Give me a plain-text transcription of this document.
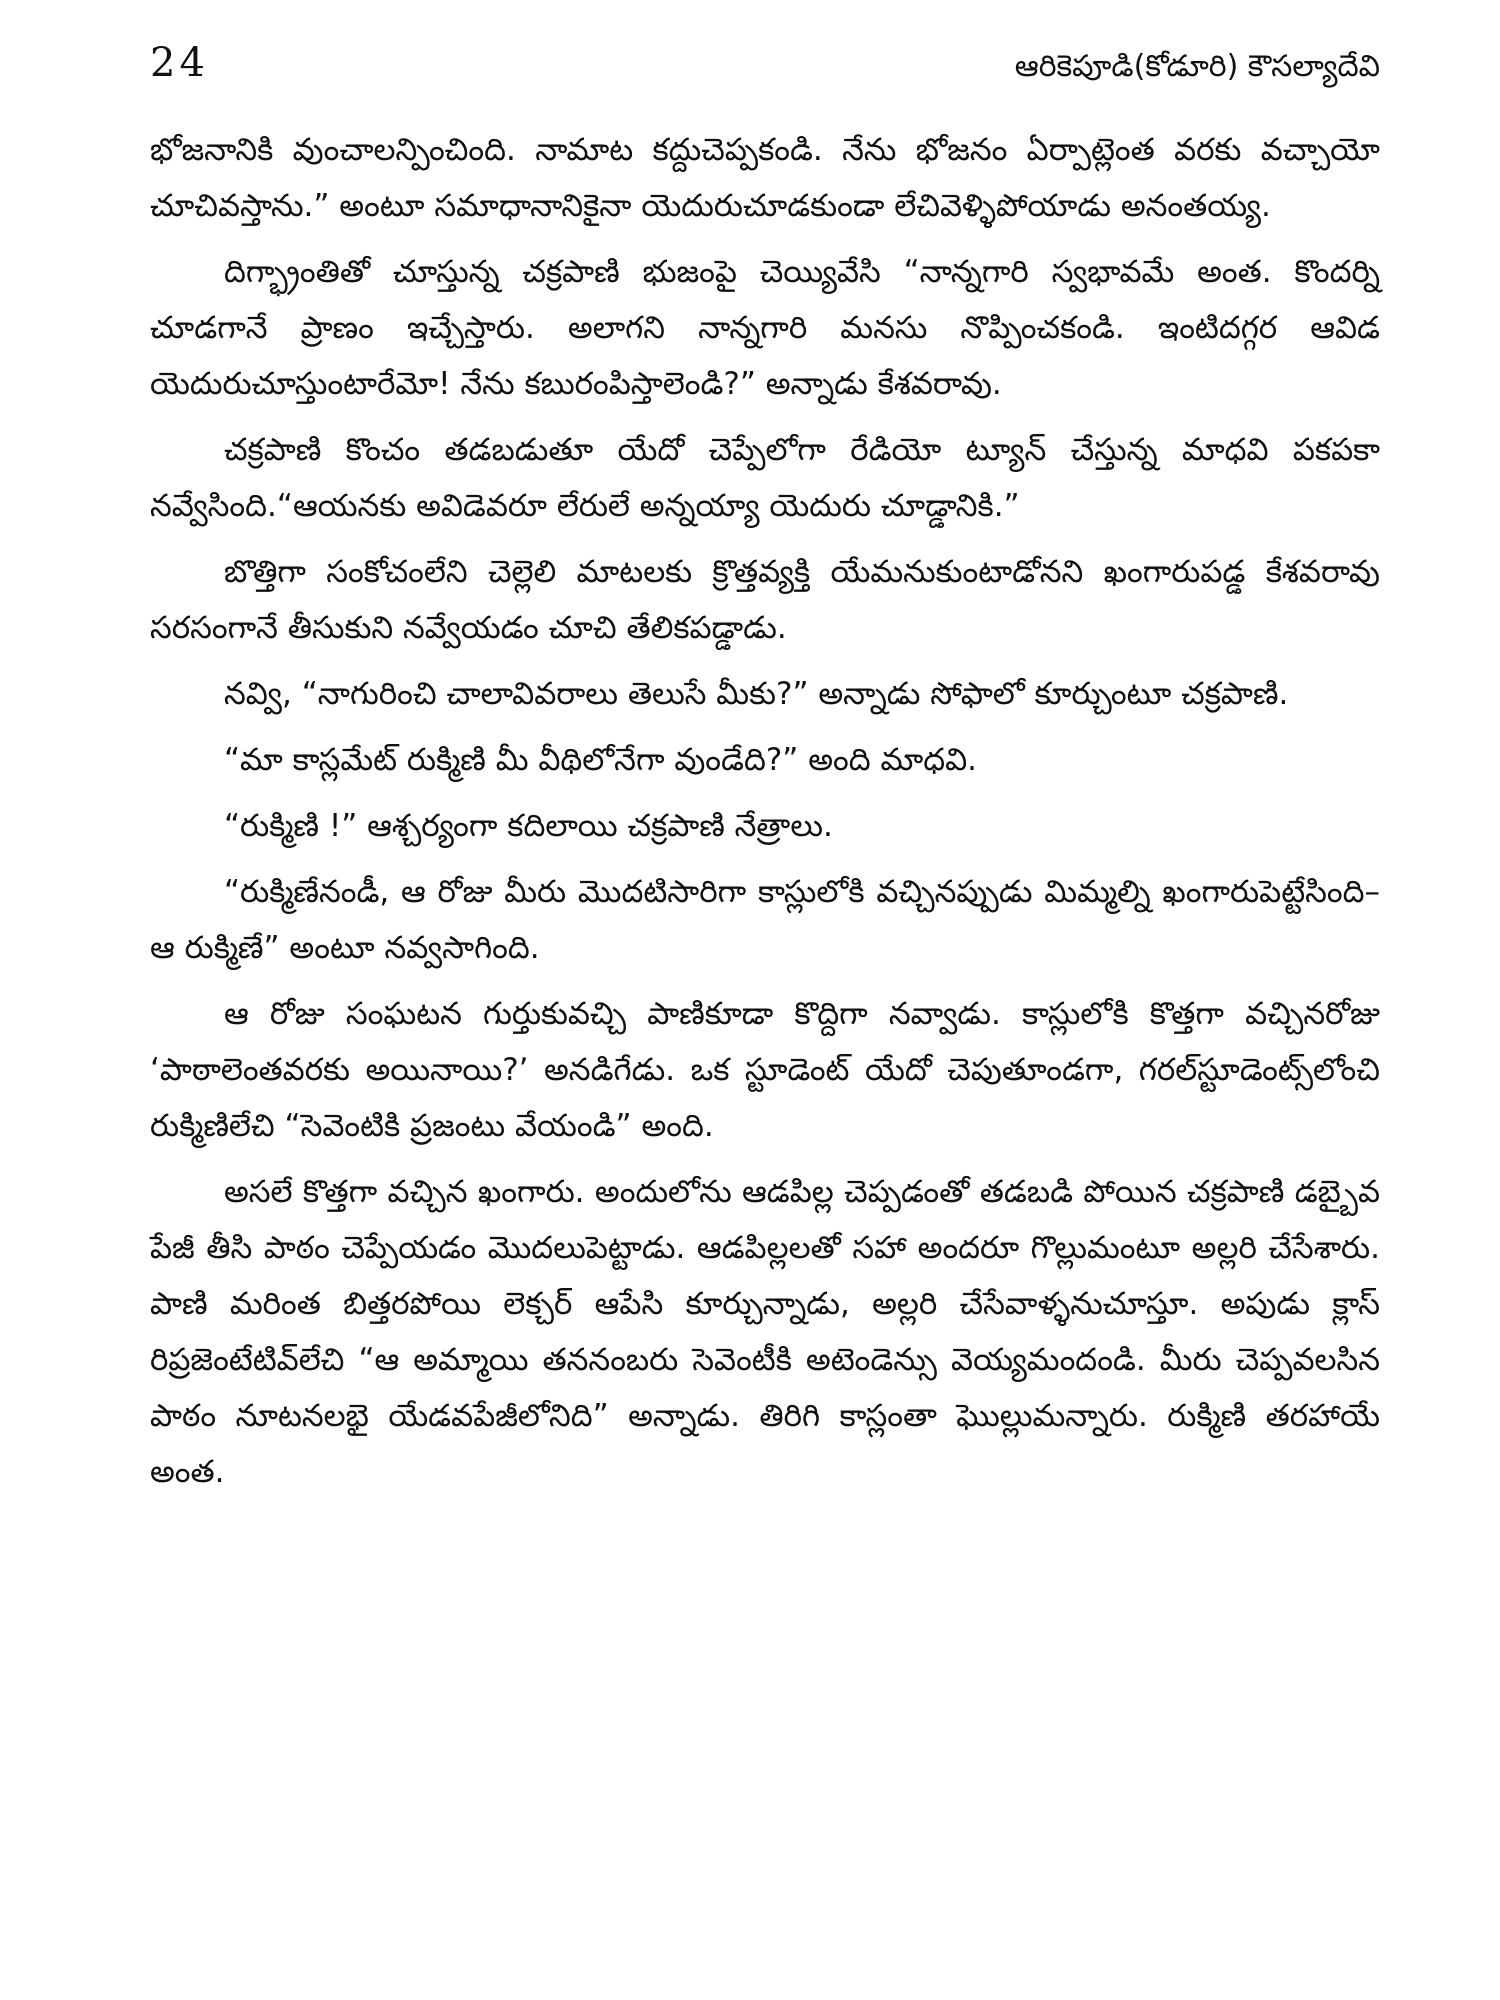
24	ఆరికెపూడి(కోడూరి) కౌసల్యాదేవి

భోజనానికి వుంచాలన్పించింది. నామాట కద్దుచెప్పకండి. నేను భోజనం ఏర్పాట్లెంత వరకు వచ్చాయో చూచివస్తాను.” అంటూ సమాధానానికైనా యెదురుచూడకుండా లేచివెళ్ళిపోయాడు అనంతయ్య.

దిగ్భ్రాంతితో చూస్తున్న చక్రపాణి భుజంపై చెయ్యివేసి “నాన్నగారి స్వభావమే అంత. కొందర్ని చూడగానే ప్రాణం ఇచ్చేస్తారు. అలాగని నాన్నగారి మనసు నొప్పించకండి. ఇంటిదగ్గర ఆవిడ యెదురుచూస్తుంటారేమో! నేను కబురంపిస్తాలెండి?” అన్నాడు కేశవరావు.

చక్రపాణి కొంచం తడబడుతూ యేదో చెప్పేలోగా రేడియో ట్యూన్ చేస్తున్న మాధవి పకపకా నవ్వేసింది.“ఆయనకు అవిడెవరూ లేరులే అన్నయ్యా యెదురు చూడ్డానికి.”

బొత్తిగా సంకోచంలేని చెల్లెలి మాటలకు క్రొత్తవ్యక్తి యేమనుకుంటాడోనని ఖంగారుపడ్డ కేశవరావు సరసంగానే తీసుకుని నవ్వేయడం చూచి తేలికపడ్డాడు.

నవ్వి, “నాగురించి చాలావివరాలు తెలుసే మీకు?” అన్నాడు సోఫాలో కూర్చుంటూ చక్రపాణి.

“మా కాస్లమేట్ రుక్మిణి మీ వీథిలోనేగా వుండేది?” అంది మాధవి.

“రుక్మిణి !” ఆశ్చర్యంగా కదిలాయి చక్రపాణి నేత్రాలు.

“రుక్మిణేనండీ, ఆ రోజు మీరు మొదటిసారిగా కాస్లులోకి వచ్చినప్పుడు మిమ్మల్ని ఖంగారుపెట్టేసింది–ఆ రుక్మిణే” అంటూ నవ్వసాగింది.

ఆ రోజు సంఘటన గుర్తుకువచ్చి పాణికూడా కొద్దిగా నవ్వాడు. కాస్లులోకి కొత్తగా వచ్చినరోజు ‘పాఠాలెంతవరకు అయినాయి?’ అనడిగేడు. ఒక స్టూడెంట్ యేదో చెపుతూండగా, గరల్‌స్టూడెంట్స్‌లోంచి రుక్మిణిలేచి “సెవెంటికి ప్రజంటు వేయండి” అంది.

అసలే కొత్తగా వచ్చిన ఖంగారు. అందులోను ఆడపిల్ల చెప్పడంతో తడబడి పోయిన చక్రపాణి డబ్బైవ పేజీ తీసి పాఠం చెప్పేయడం మొదలుపెట్టాడు. ఆడపిల్లలతో సహా అందరూ గొల్లుమంటూ అల్లరి చేసేశారు. పాణి మరింత బిత్తరపోయి లెక్చర్ ఆపేసి కూర్చున్నాడు, అల్లరి చేసేవాళ్ళనుచూస్తూ. అపుడు క్లాస్ రిప్రజెంటేటివ్‌లేచి “ఆ అమ్మాయి తననంబరు సెవెంటీకి అటెండెన్సు వెయ్యమందండి. మీరు చెప్పవలసిన పాఠం నూటనలభై యేడవపేజీలోనిది” అన్నాడు. తిరిగి కాస్లంతా ఘొల్లుమన్నారు. రుక్మిణి తరహాయే అంత.
